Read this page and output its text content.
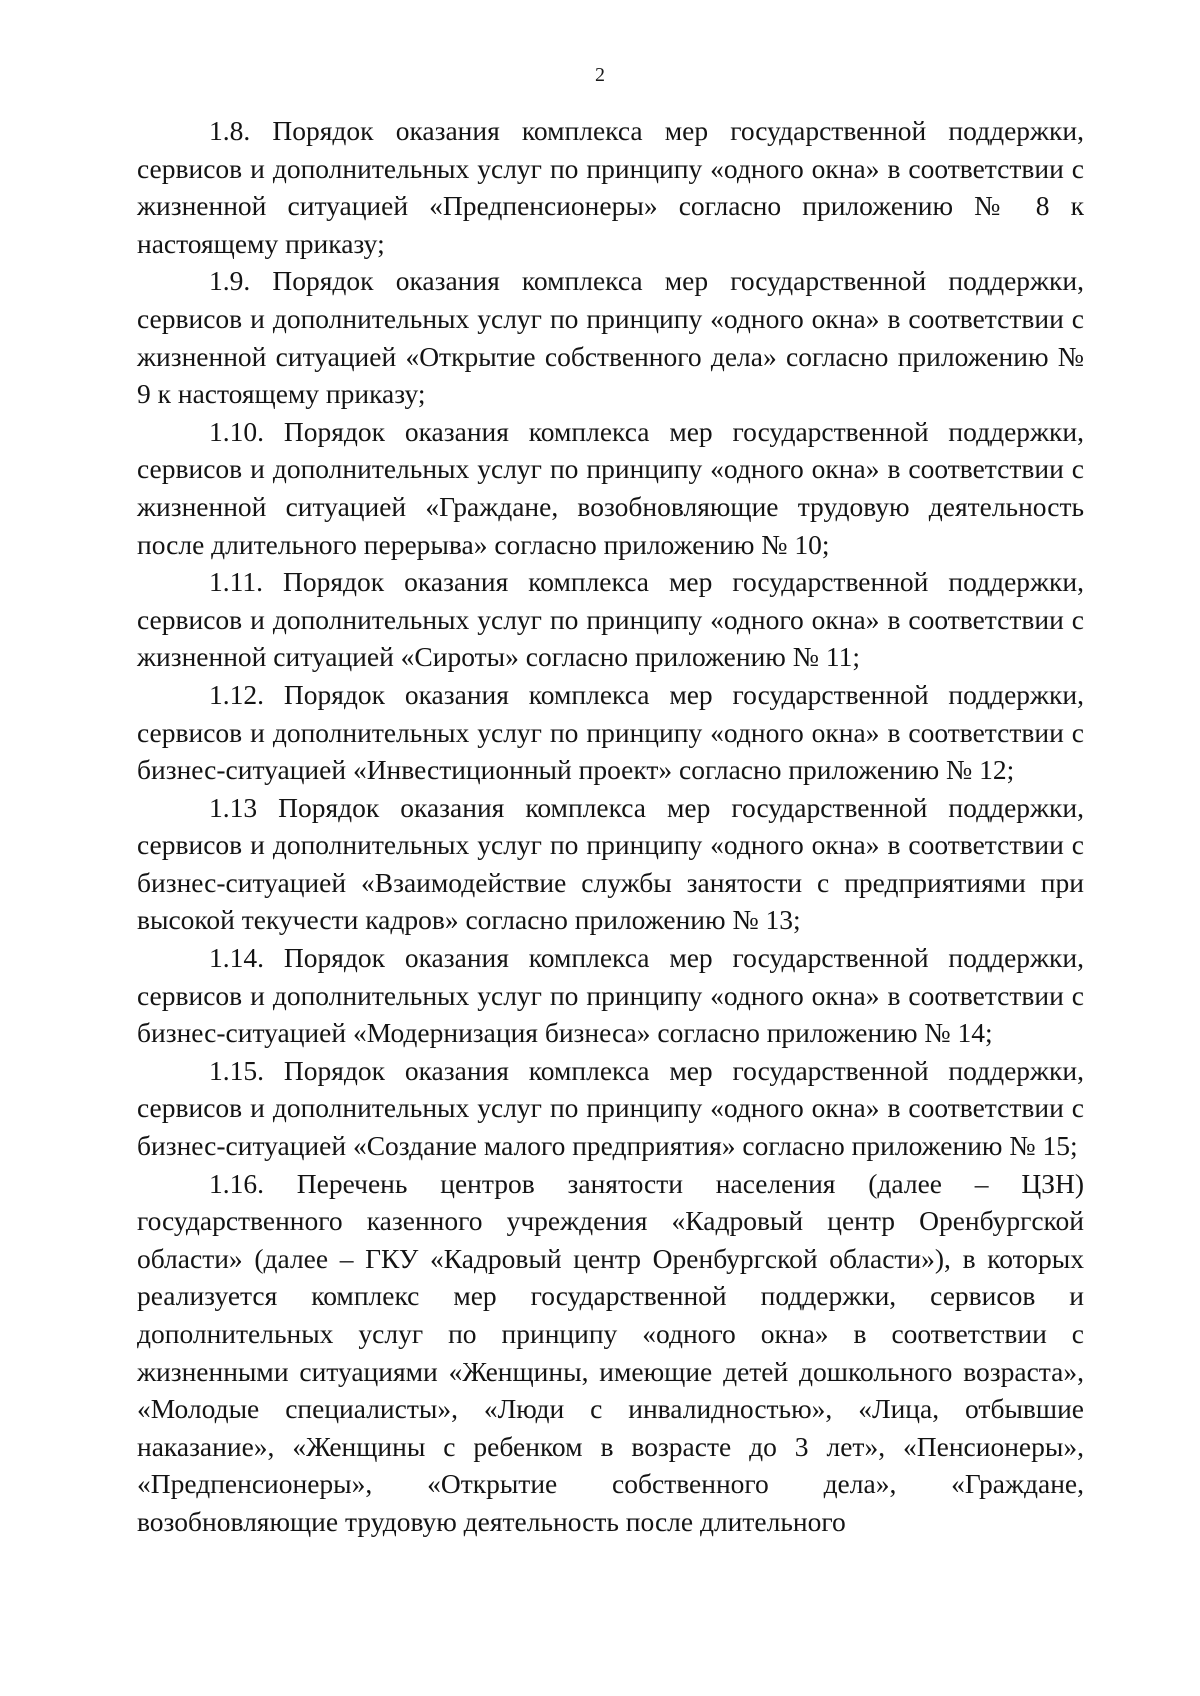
2

1.8. Порядок оказания комплекса мер государственной поддержки, сервисов и дополнительных услуг по принципу «одного окна» в соответствии с жизненной ситуацией «Предпенсионеры» согласно приложению № 8 к настоящему приказу;

1.9. Порядок оказания комплекса мер государственной поддержки, сервисов и дополнительных услуг по принципу «одного окна» в соответствии с жизненной ситуацией «Открытие собственного дела» согласно приложению № 9 к настоящему приказу;

1.10. Порядок оказания комплекса мер государственной поддержки, сервисов и дополнительных услуг по принципу «одного окна» в соответствии с жизненной ситуацией «Граждане, возобновляющие трудовую деятельность после длительного перерыва» согласно приложению № 10;

1.11. Порядок оказания комплекса мер государственной поддержки, сервисов и дополнительных услуг по принципу «одного окна» в соответствии с жизненной ситуацией «Сироты» согласно приложению № 11;

1.12. Порядок оказания комплекса мер государственной поддержки, сервисов и дополнительных услуг по принципу «одного окна» в соответствии с бизнес-ситуацией «Инвестиционный проект» согласно приложению № 12;

1.13 Порядок оказания комплекса мер государственной поддержки, сервисов и дополнительных услуг по принципу «одного окна» в соответствии с бизнес-ситуацией «Взаимодействие службы занятости с предприятиями при высокой текучести кадров» согласно приложению № 13;

1.14. Порядок оказания комплекса мер государственной поддержки, сервисов и дополнительных услуг по принципу «одного окна» в соответствии с бизнес-ситуацией «Модернизация бизнеса» согласно приложению № 14;

1.15. Порядок оказания комплекса мер государственной поддержки, сервисов и дополнительных услуг по принципу «одного окна» в соответствии с бизнес-ситуацией «Создание малого предприятия» согласно приложению № 15;

1.16. Перечень центров занятости населения (далее – ЦЗН) государственного казенного учреждения «Кадровый центр Оренбургской области» (далее – ГКУ «Кадровый центр Оренбургской области»), в которых реализуется комплекс мер государственной поддержки, сервисов и дополнительных услуг по принципу «одного окна» в соответствии с жизненными ситуациями «Женщины, имеющие детей дошкольного возраста», «Молодые специалисты», «Люди с инвалидностью», «Лица, отбывшие наказание», «Женщины с ребенком в возрасте до 3 лет», «Пенсионеры», «Предпенсионеры», «Открытие собственного дела», «Граждане, возобновляющие трудовую деятельность после длительного
